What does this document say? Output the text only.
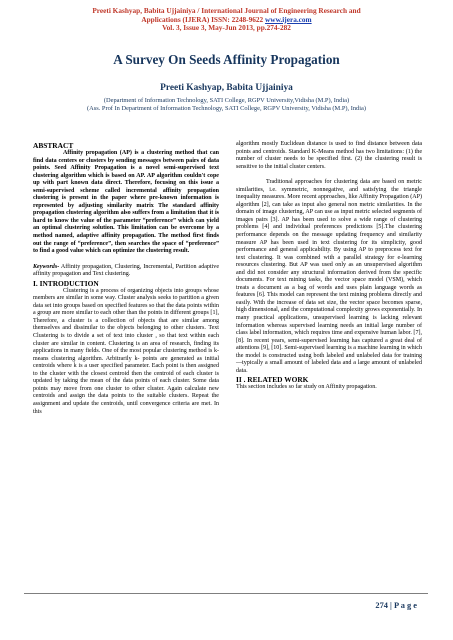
Preeti Kashyap, Babita Ujjainiya / International Journal of Engineering Research and
Applications (IJERA) ISSN: 2248-9622 www.ijera.com
Vol. 3, Issue 3, May-Jun 2013, pp.274-282
A Survey On Seeds Affinity Propagation
Preeti Kashyap, Babita Ujjainiya
(Department of Information Technology, SATI College, RGPV University,Vidisha (M.P), India)
(Ass. Prof In Department of Information Technology, SATI College, RGPV University, Vidisha (M.P), India)

ABSTRACT

Affinity propagation (AP) is a clustering method that can find data centers or clusters by sending messages between pairs of data points. Seed Affinity Propagation is a novel semi-supervised text clustering algorithm which is based on AP. AP algorithm couldn't cope up with part known data direct. Therefore, focusing on this issue a semi-supervised scheme called incremental affinity propagation clustering is present in the paper where pre-known information is represented by adjusting similarity matrix The standard affinity propagation clustering algorithm also suffers from a limitation that it is hard to know the value of the parameter “preference” which can yield an optimal clustering solution. This limitation can be overcome by a method named, adaptive affinity propagation. The method first finds out the range of “preference”, then searches the space of “preference” to find a good value which can optimize the clustering result.

Keywords- Affinity propagation, Clustering, Incremental, Partition adaptive affinity propagation and Text clustering.

I. INTRODUCTION

Clustering is a process of organizing objects into groups whose members are similar in some way. Cluster analysis seeks to partition a given data set into groups based on specified features so that the data points within a group are more similar to each other than the points in different groups [1], Therefore, a cluster is a collection of objects that are similar among themselves and dissimilar to the objects belonging to other clusters. Text Clustering is to divide a set of text into cluster , so that text within each cluster are similar in content. Clustering is an area of research, finding its applications in many fields. One of the most popular clustering method is k-means clustering algorithm. Arbitrarily k- points are generated as initial centroids where k is a user specified parameter. Each point is then assigned to the cluster with the closest centroid then the centroid of each cluster is updated by taking the mean of the data points of each cluster. Some data points may move from one cluster to other cluster. Again calculate new centroids and assign the data points to the suitable clusters. Repeat the assignment and update the centroids, until convergence criteria are met. In this

algorithm mostly Euclidean distance is used to find distance between data points and centroids. Standard K-Means method has two limitations: (1) the number of cluster needs to be specified first. (2) the clustering result is sensitive to the initial cluster centers.

Traditional approaches for clustering data are based on metric similarities, i.e. symmetric, nonnegative, and satisfying the triangle inequality measures. More recent approaches, like Affinity Propagation (AP) algorithm [2], can take as input also general non metric similarities. In the domain of image clustering, AP can use as input metric selected segments of images pairs [3]. AP has been used to solve a wide range of clustering problems [4] and individual preferences predictions [5].The clustering performance depends on the message updating frequency and similarity measure AP has been used in text clustering for its simplicity, good performance and general applicability. By using AP to preprocess text for text clustering. It was combined with a parallel strategy for e-learning resources clustering. But AP was used only as an unsupervised algorithm and did not consider any structural information derived from the specific documents. For text mining tasks, the vector space model (VSM), which treats a document as a bag of words and uses plain language words as features [6]. This model can represent the text mining problems directly and easily. With the increase of data set size, the vector space becomes sparse, high dimensional, and the computational complexity grows exponentially. In many practical applications, unsupervised learning is lacking relevant information whereas supervised learning needs an initial large number of class label information, which requires time and expensive human labor. [7], [8]. In recent years, semi-supervised learning has captured a great deal of attentions [9], [10]. Semi-supervised learning is a machine learning in which the model is constructed using both labeled and unlabeled data for training—typically a small amount of labeled data and a large amount of unlabeled data.

II . RELATED WORK

This section includes so far study on Affinity propagation.

274 | P a g e
